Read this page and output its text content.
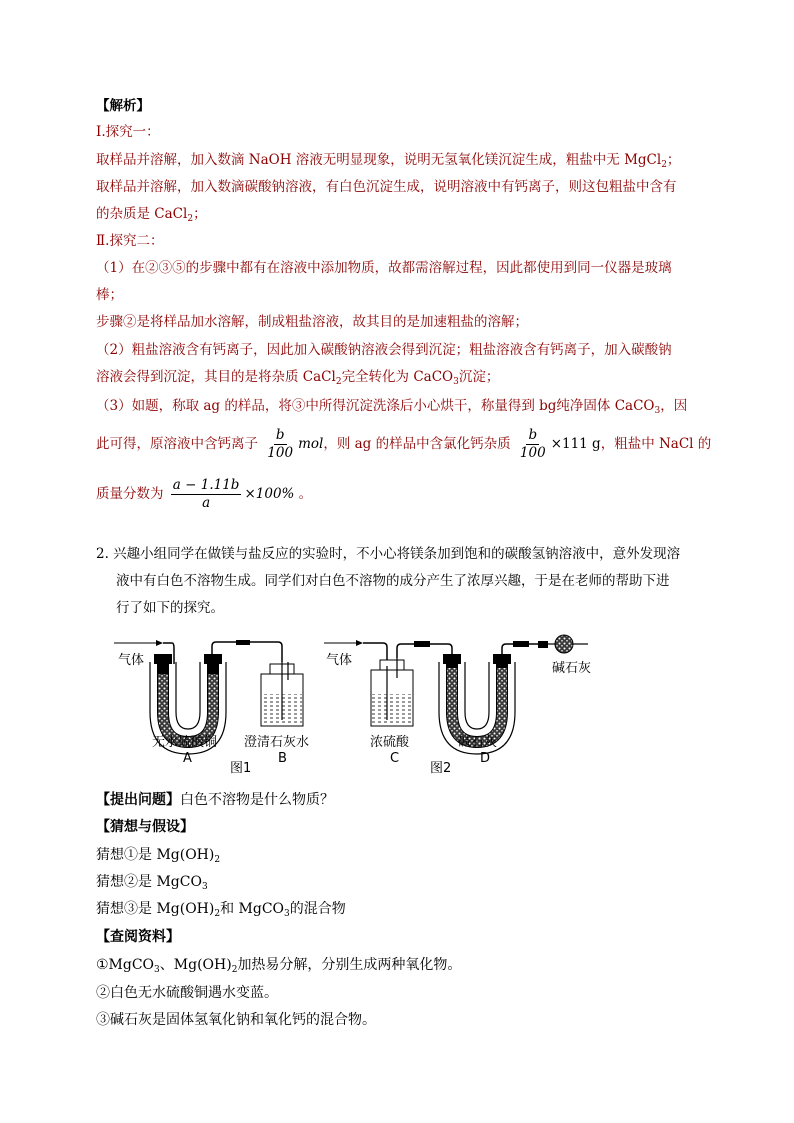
【解析】
Ⅰ.探究一：
取样品并溶解，加入数滴 NaOH 溶液无明显现象，说明无氢氧化镁沉淀生成，粗盐中无 MgCl$_2$；
取样品并溶解，加入数滴碳酸钠溶液，有白色沉淀生成，说明溶液中有钙离子，则这包粗盐中含有
的杂质是 CaCl$_2$；
Ⅱ.探究二：
（1）在②③⑤的步骤中都有在溶液中添加物质，故都需溶解过程，因此都使用到同一仪器是玻璃
棒；
步骤②是将样品加水溶解，制成粗盐溶液，故其目的是加速粗盐的溶解；
（2）粗盐溶液含有钙离子，因此加入碳酸钠溶液会得到沉淀；粗盐溶液含有钙离子，加入碳酸钠
溶液会得到沉淀，其目的是将杂质 CaCl$_2$完全转化为 CaCO$_3$沉淀；
（3）如题，称取 ag 的样品，将③中所得沉淀洗涤后小心烘干，称量得到 bg纯净固体 CaCO$_3$，因
此可得，原溶液中含钙离子 $\frac{b}{100}$ mol，则 ag 的样品中含氯化钙杂质 $\frac{b}{100} \times 111$ g，粗盐中 NaCl 的
质量分数为 $\frac{a - 1.11b}{a} \times 100\%$ 。
2. 兴趣小组同学在做镁与盐反应的实验时，不小心将镁条加到饱和的碳酸氢钠溶液中，意外发现溶
液中有白色不溶物生成。同学们对白色不溶物的成分产生了浓厚兴趣，于是在老师的帮助下进
行了如下的探究。
气体
无水硫酸铜
A
澄清石灰水
B
图1
气体
碱石灰
浓硫酸
C
碱石灰
D
图2
【提出问题】白色不溶物是什么物质？
【猜想与假设】
猜想①是 $Mg(OH)_2$
猜想②是 MgCO$_3$
猜想③是 $Mg(OH)_2$和 MgCO$_3$的混合物
【查阅资料】
①MgCO$_3$、$Mg(OH)_2$加热易分解，分别生成两种氧化物。
②白色无水硫酸铜遇水变蓝。
③碱石灰是固体氢氧化钠和氧化钙的混合物。
